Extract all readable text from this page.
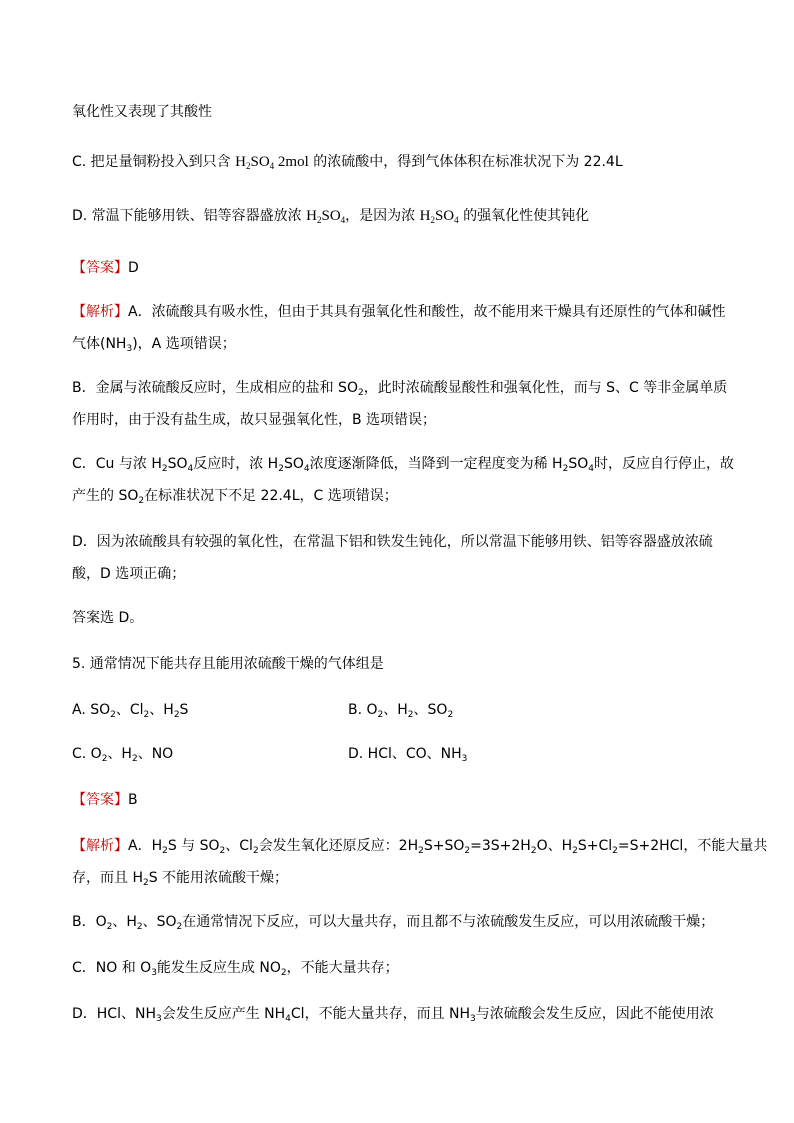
氧化性又表现了其酸性
C. 把足量铜粉投入到只含 $H_2SO_4$ 2mol 的浓硫酸中，得到气体体积在标准状况下为 22.4L
D. 常温下能够用铁、铝等容器盛放浓 $H_2SO_4$，是因为浓 $H_2SO_4$ 的强氧化性使其钝化
【答案】D
【解析】A．浓硫酸具有吸水性，但由于其具有强氧化性和酸性，故不能用来干燥具有还原性的气体和碱性
气体$(NH_3)$，A 选项错误；
B．金属与浓硫酸反应时，生成相应的盐和 $SO_2$，此时浓硫酸显酸性和强氧化性，而与 S、C 等非金属单质
作用时，由于没有盐生成，故只显强氧化性，B 选项错误；
C．Cu 与浓 $H_2SO_4$反应时，浓 $H_2SO_4$浓度逐渐降低，当降到一定程度变为稀 $H_2SO_4$时，反应自行停止，故
产生的 $SO_2$在标准状况下不足 22.4L，C 选项错误；
D．因为浓硫酸具有较强的氧化性，在常温下铝和铁发生钝化，所以常温下能够用铁、铝等容器盛放浓硫
酸，D 选项正确；
答案选 D。
5. 通常情况下能共存且能用浓硫酸干燥的气体组是
A. $SO_2$、$Cl_2$、$H_2S$	B. $O_2$、$H_2$、$SO_2$
C. $O_2$、$H_2$、NO	D. HCl、CO、$NH_3$
【答案】B
【解析】A．$H_2S$ 与 $SO_2$、$Cl_2$会发生氧化还原反应：$2H_2S+SO_2=3S+2H_2O$、$H_2S+Cl_2=S+2HCl$，不能大量共
存，而且 $H_2S$ 不能用浓硫酸干燥；
B．$O_2$、$H_2$、$SO_2$在通常情况下反应，可以大量共存，而且都不与浓硫酸发生反应，可以用浓硫酸干燥；
C．NO 和 $O_3$能发生反应生成 $NO_2$，不能大量共存；
D．HCl、$NH_3$会发生反应产生 $NH_4Cl$，不能大量共存，而且 $NH_3$与浓硫酸会发生反应，因此不能使用浓
